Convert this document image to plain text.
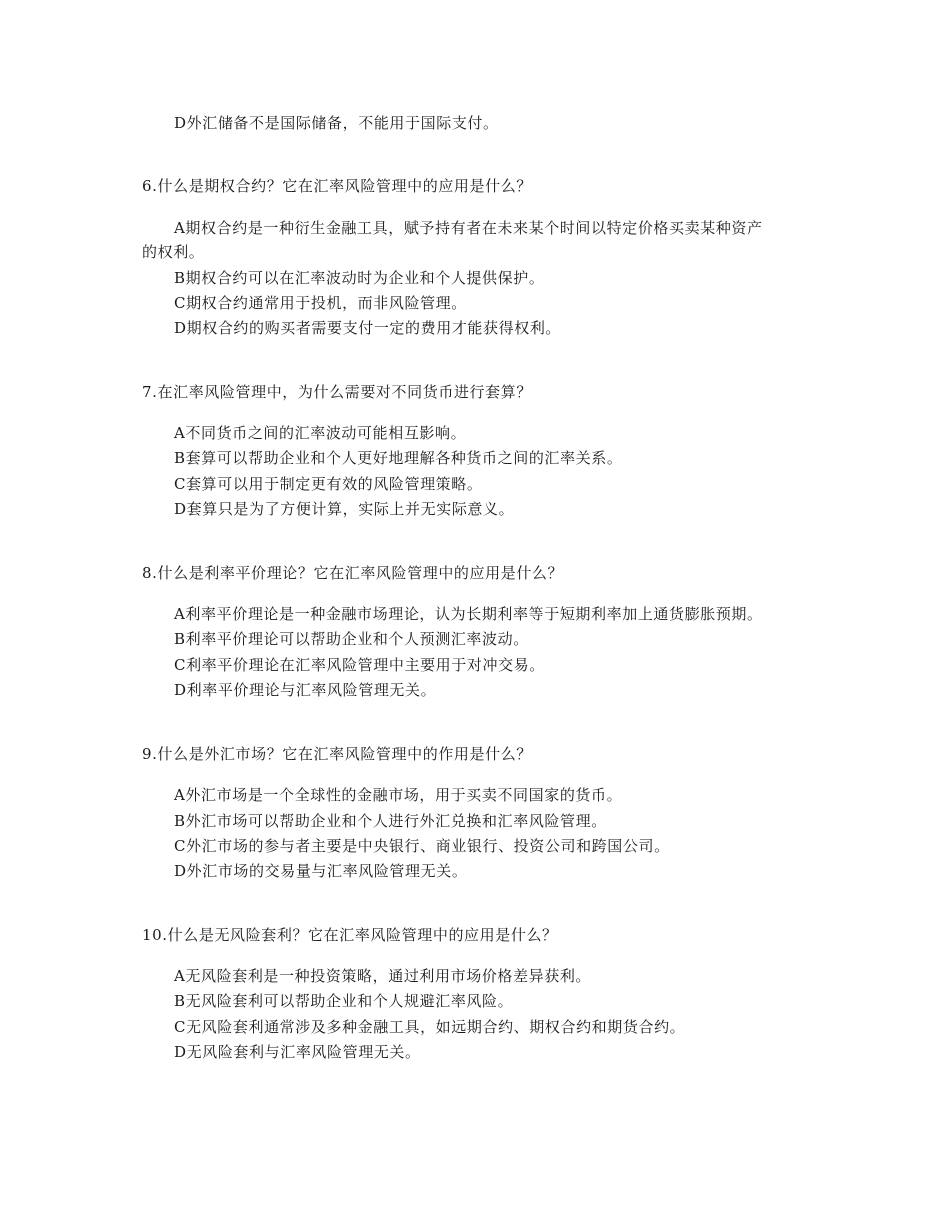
D外汇储备不是国际储备，不能用于国际支付。
6.什么是期权合约？它在汇率风险管理中的应用是什么？
A期权合约是一种衍生金融工具，赋予持有者在未来某个时间以特定价格买卖某种资产
的权利。
B期权合约可以在汇率波动时为企业和个人提供保护。
C期权合约通常用于投机，而非风险管理。
D期权合约的购买者需要支付一定的费用才能获得权利。
7.在汇率风险管理中，为什么需要对不同货币进行套算？
A不同货币之间的汇率波动可能相互影响。
B套算可以帮助企业和个人更好地理解各种货币之间的汇率关系。
C套算可以用于制定更有效的风险管理策略。
D套算只是为了方便计算，实际上并无实际意义。
8.什么是利率平价理论？它在汇率风险管理中的应用是什么？
A利率平价理论是一种金融市场理论，认为长期利率等于短期利率加上通货膨胀预期。
B利率平价理论可以帮助企业和个人预测汇率波动。
C利率平价理论在汇率风险管理中主要用于对冲交易。
D利率平价理论与汇率风险管理无关。
9.什么是外汇市场？它在汇率风险管理中的作用是什么？
A外汇市场是一个全球性的金融市场，用于买卖不同国家的货币。
B外汇市场可以帮助企业和个人进行外汇兑换和汇率风险管理。
C外汇市场的参与者主要是中央银行、商业银行、投资公司和跨国公司。
D外汇市场的交易量与汇率风险管理无关。
10.什么是无风险套利？它在汇率风险管理中的应用是什么？
A无风险套利是一种投资策略，通过利用市场价格差异获利。
B无风险套利可以帮助企业和个人规避汇率风险。
C无风险套利通常涉及多种金融工具，如远期合约、期权合约和期货合约。
D无风险套利与汇率风险管理无关。
